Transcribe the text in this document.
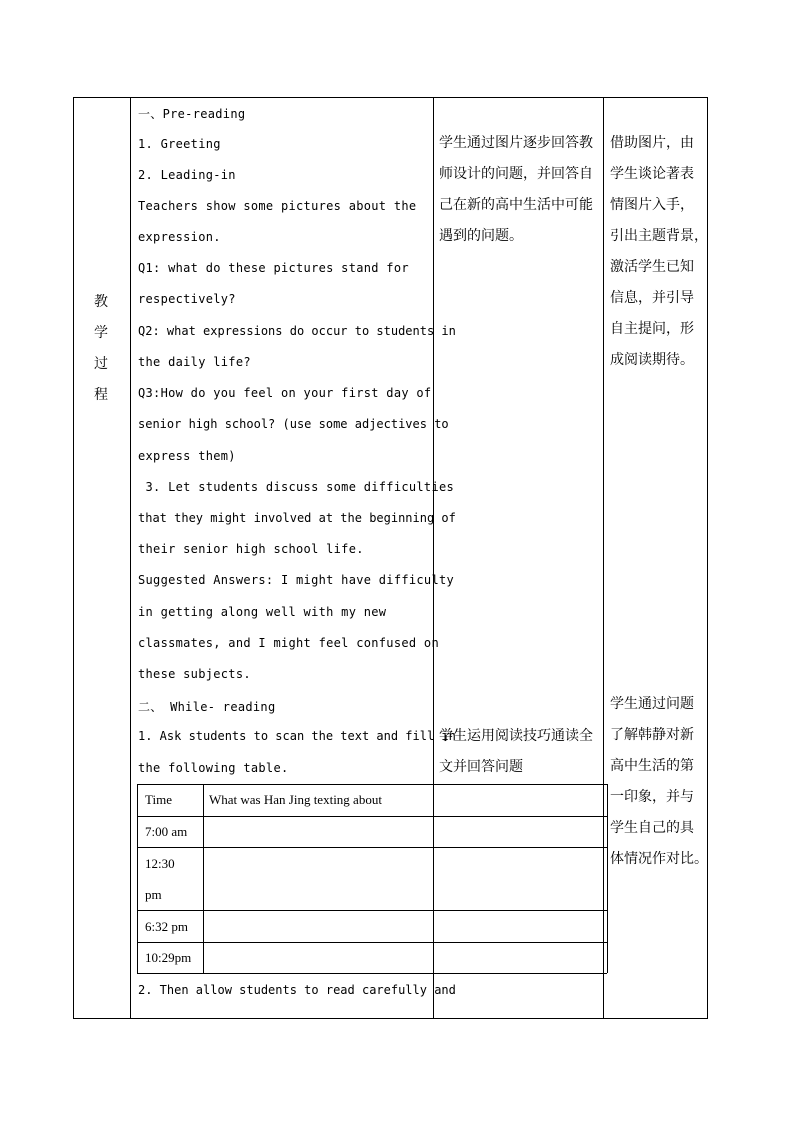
教
学
过
程
一、Pre-reading
1. Greeting
2. Leading-in
Teachers show some pictures about the
expression.
Q1: what do these pictures stand for
respectively?
Q2: what expressions do occur to students in
the daily life?
Q3:How do you feel on your first day of
senior high school? (use some adjectives to
express them)
3. Let students discuss some difficulties
that they might involved at the beginning of
their senior high school life.
Suggested Answers: I might have difficulty
in getting along well with my new
classmates, and I might feel confused on
these subjects.
二、 While- reading
1. Ask students to scan the text and fill in
the following table.
Time	What was Han Jing texting about
7:00 am
12:30
pm
6:32 pm
10:29pm
2. Then allow students to read carefully and
学生通过图片逐步回答教
师设计的问题，并回答自
己在新的高中生活中可能
遇到的问题。
学生运用阅读技巧通读全
文并回答问题
借助图片，由
学生谈论著表
情图片入手，
引出主题背景，
激活学生已知
信息，并引导
自主提问，形
成阅读期待。
学生通过问题
了解韩静对新
高中生活的第
一印象，并与
学生自己的具
体情况作对比。
